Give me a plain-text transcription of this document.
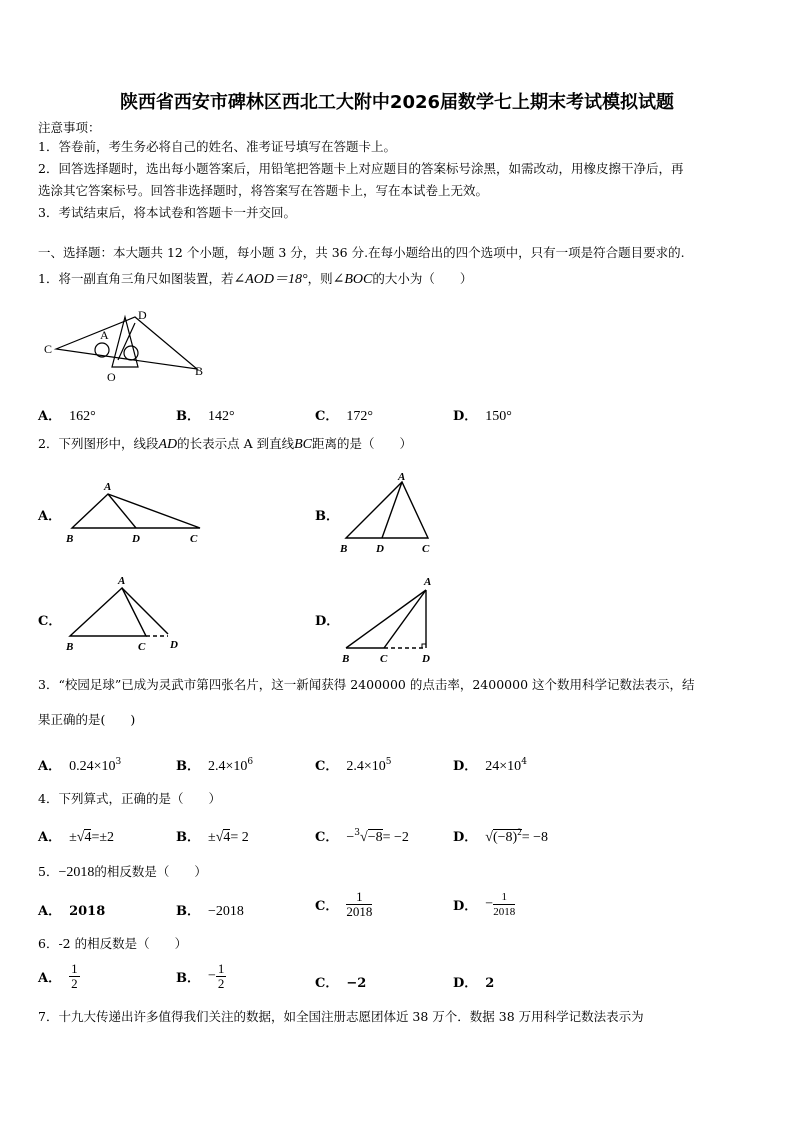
陕西省西安市碑林区西北工大附中2026届数学七上期末考试模拟试题
注意事项：
1．答卷前，考生务必将自己的姓名、准考证号填写在答题卡上。
2．回答选择题时，选出每小题答案后，用铅笔把答题卡上对应题目的答案标号涂黑，如需改动，用橡皮擦干净后，再
选涂其它答案标号。回答非选择题时，将答案写在答题卡上，写在本试卷上无效。
3．考试结束后，将本试卷和答题卡一并交回。
一、选择题：本大题共 12 个小题，每小题 3 分，共 36 分.在每小题给出的四个选项中，只有一项是符合题目要求的.
1．将一副直角三角尺如图装置，若∠AOD＝18°，则∠BOC的大小为（　　）
D
A
C
O	B
A． 162°	B． 142°	C． 172°	D． 150°
2．下列图形中，线段AD的长表示点 A 到直线BC距离的是（　　）
A．
A
B	D	C
B．
A
B	D	C
C．
A
B	C D
D．
A
B	C	D
3．“校园足球”已成为灵武市第四张名片，这一新闻获得 2400000 的点击率，2400000 这个数用科学记数法表示，结
果正确的是(　　)
A． $0.24\times 10^3$	B． $2.4\times 10^6$	C． $2.4\times 10^5$	D． $24\times 10^4$
4．下列算式，正确的是（　　）
A． ±√4=±2	B． ±√4= 2	C． −$^3$√−8= −2	D． $√(-8)^2= -8$
5．−2018的相反数是（　　）
A． 2018	B． −2018	C． $\frac{1}{2018}$	D． − $\frac{1}{2018}$
6．-2 的相反数是（　　）
A． $\frac{1}{2}$	B． − $\frac{1}{2}$	C． −2	D． 2
7．十九大传递出许多值得我们关注的数据，如全国注册志愿团体近 38 万个．数据 38 万用科学记数法表示为
